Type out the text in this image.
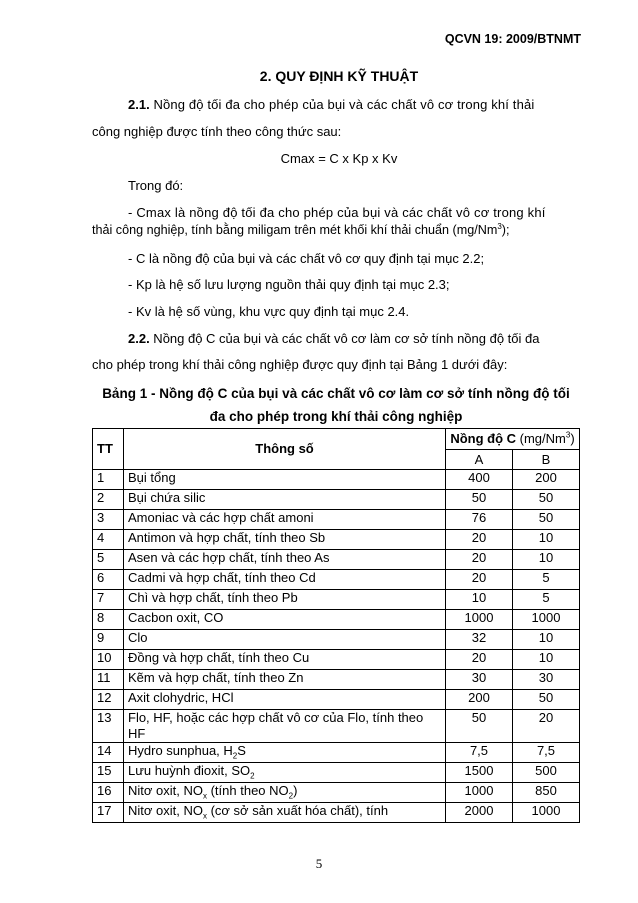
QCVN 19: 2009/BTNMT
2. QUY ĐỊNH KỸ THUẬT
2.1. Nồng độ tối đa cho phép của bụi và các chất vô cơ trong khí thải
công nghiệp được tính theo công thức sau:
Cmax = C x Kp x Kv
Trong đó:
- Cmax là nồng độ tối đa cho phép của bụi và các chất vô cơ trong khí
thải công nghiệp, tính bằng miligam trên mét khối khí thải chuẩn (mg/Nm$^3$);
- C là nồng độ của bụi và các chất vô cơ quy định tại mục 2.2;
- Kp là hệ số lưu lượng nguồn thải quy định tại mục 2.3;
- Kv là hệ số vùng, khu vực quy định tại mục 2.4.
2.2. Nồng độ C của bụi và các chất vô cơ làm cơ sở tính nồng độ tối đa
cho phép trong khí thải công nghiệp được quy định tại Bảng 1 dưới đây:
Bảng 1 - Nồng độ C của bụi và các chất vô cơ làm cơ sở tính nồng độ tối
đa cho phép trong khí thải công nghiệp
TT	Thông số	Nồng độ C (mg/Nm$^3$)	
		A	B
1	Bụi tổng	400	200
2	Bụi chứa silic	50	50
3	Amoniac và các hợp chất amoni	76	50
4	Antimon và hợp chất, tính theo Sb	20	10
5	Asen và các hợp chất, tính theo As	20	10
6	Cadmi và hợp chất, tính theo Cd	20	5
7	Chì và hợp chất, tính theo Pb	10	5
8	Cacbon oxit, CO	1000	1000
9	Clo	32	10
10	Đồng và hợp chất, tính theo Cu	20	10
11	Kẽm và hợp chất, tính theo Zn	30	30
12	Axit clohydric, HCl	200	50
13	Flo, HF, hoặc các hợp chất vô cơ của Flo, tính theo HF	50	20
14	Hydro sunphua, $H_2S$	7,5	7,5
15	Lưu huỳnh đioxit, $SO_2$	1500	500
16	Nitơ oxit, $NO_x$ (tính theo $NO_2$)	1000	850
17	Nitơ oxit, $NO_x$ (cơ sở sản xuất hóa chất), tính	2000	1000
5
